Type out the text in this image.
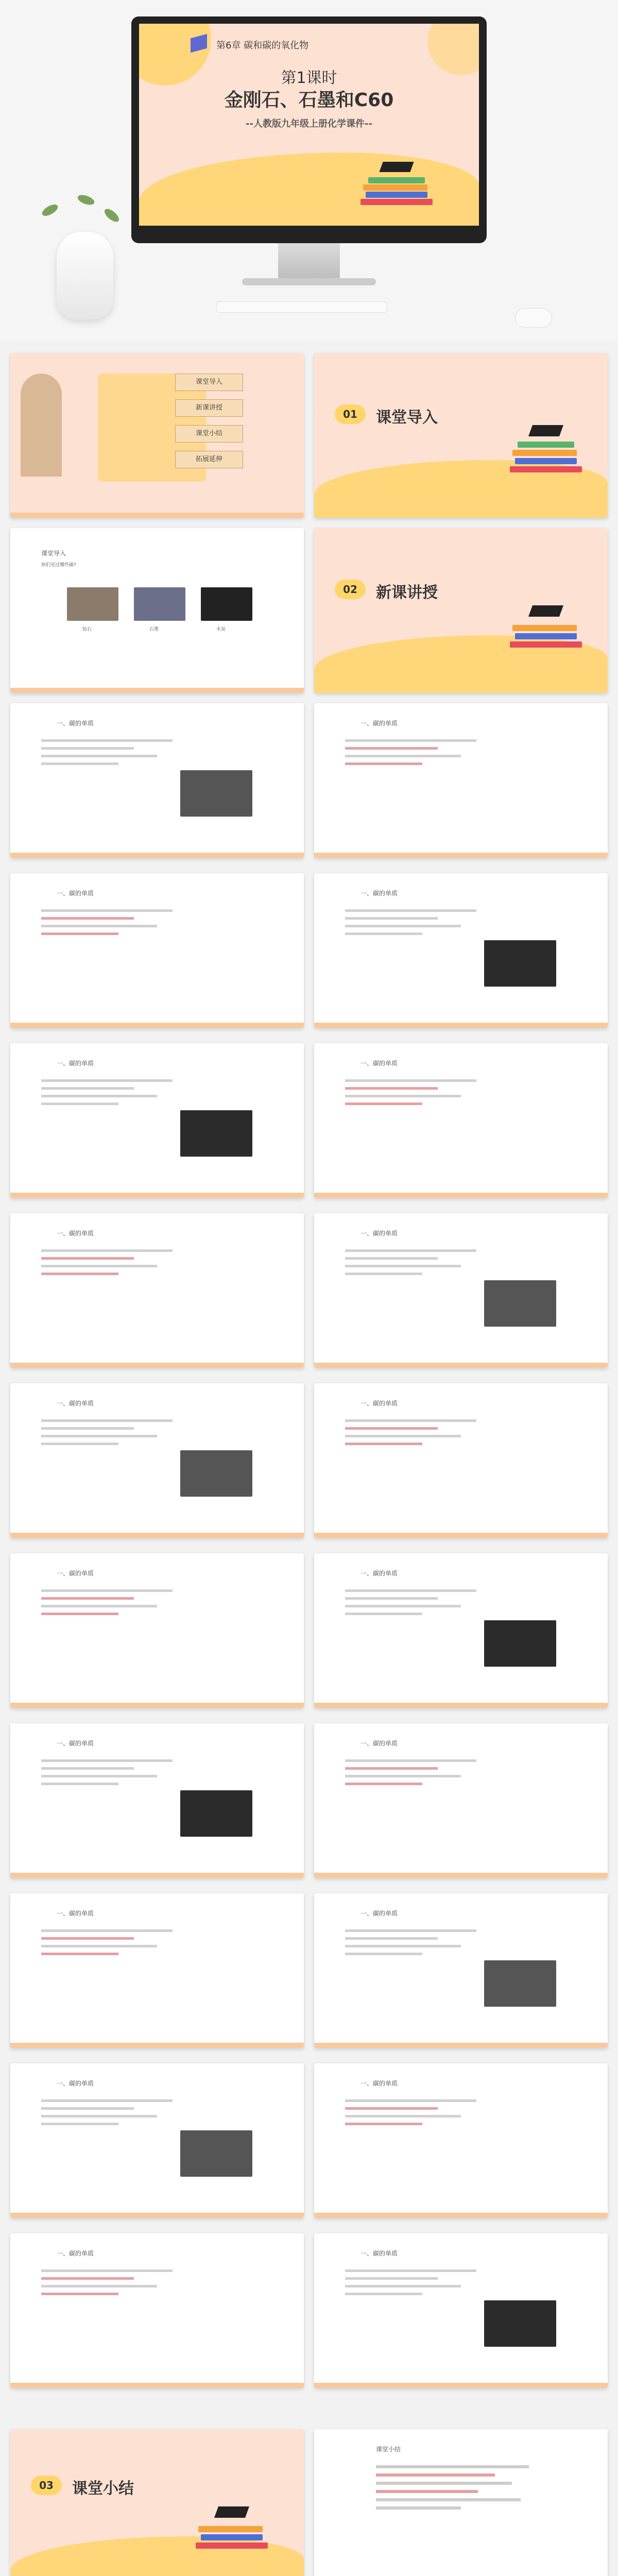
第6章 碳和碳的氧化物
第1课时
金刚石、石墨和C60
--人教版九年级上册化学课件--
课堂导入
新课讲授
课堂小结
拓展延伸
01	课堂导入
课堂导入
你们见过哪些碳?
钻石	石墨	木炭
02	新课讲授
一、碳的单质	一、碳的单质
一、碳的单质	一、碳的单质
一、碳的单质	一、碳的单质
一、碳的单质	一、碳的单质
一、碳的单质	一、碳的单质
一、碳的单质	一、碳的单质
一、碳的单质	一、碳的单质
一、碳的单质	一、碳的单质
一、碳的单质	一、碳的单质
一、碳的单质	一、碳的单质
03	课堂小结
课堂小结
